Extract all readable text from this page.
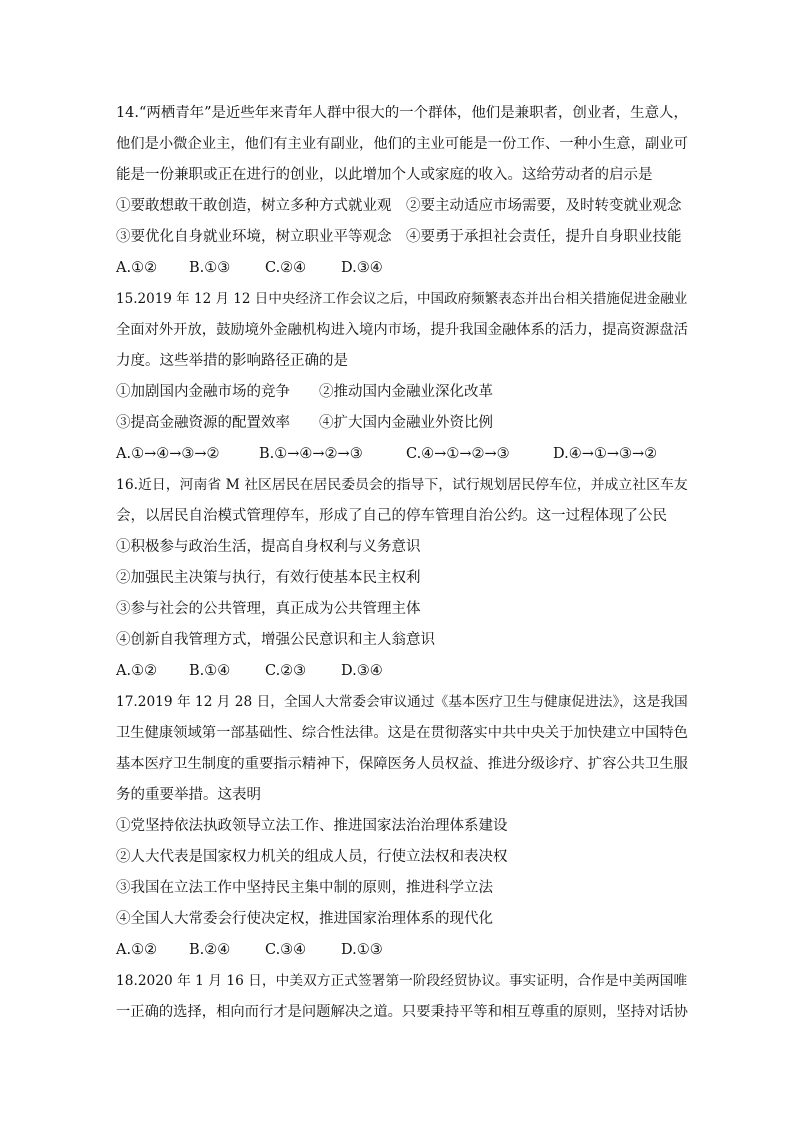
14.“两栖青年”是近些年来青年人群中很大的一个群体，他们是兼职者，创业者，生意人，
他们是小微企业主，他们有主业有副业，他们的主业可能是一份工作、一种小生意，副业可
能是一份兼职或正在进行的创业，以此增加个人或家庭的收入。这给劳动者的启示是
①要敢想敢干敢创造，树立多种方式就业观　②要主动适应市场需要，及时转变就业观念
③要优化自身就业环境，树立职业平等观念　④要勇于承担社会责任，提升自身职业技能
A.①② B.①③ C.②④ D.③④
15.2019 年 12 月 12 日中央经济工作会议之后，中国政府频繁表态并出台相关措施促进金融业
全面对外开放，鼓励境外金融机构进入境内市场，提升我国金融体系的活力，提高资源盘活
力度。这些举措的影响路径正确的是
①加剧国内金融市场的竞争　　②推动国内金融业深化改革
③提高金融资源的配置效率　　④扩大国内金融业外资比例
A.①→④→③→②	B.①→④→②→③	C.④→①→②→③	D.④→①→③→②
16.近日，河南省 M 社区居民在居民委员会的指导下，试行规划居民停车位，并成立社区车友
会，以居民自治模式管理停车，形成了自己的停车管理自治公约。这一过程体现了公民
①积极参与政治生活，提高自身权利与义务意识
②加强民主决策与执行，有效行使基本民主权利
③参与社会的公共管理，真正成为公共管理主体
④创新自我管理方式，增强公民意识和主人翁意识
A.①② B.①④ C.②③ D.③④
17.2019 年 12 月 28 日，全国人大常委会审议通过《基本医疗卫生与健康促进法》，这是我国
卫生健康领域第一部基础性、综合性法律。这是在贯彻落实中共中央关于加快建立中国特色
基本医疗卫生制度的重要指示精神下，保障医务人员权益、推进分级诊疗、扩容公共卫生服
务的重要举措。这表明
①党坚持依法执政领导立法工作、推进国家法治治理体系建设
②人大代表是国家权力机关的组成人员，行使立法权和表决权
③我国在立法工作中坚持民主集中制的原则，推进科学立法
④全国人大常委会行使决定权，推进国家治理体系的现代化
A.①② B.②④ C.③④ D.①③
18.2020 年 1 月 16 日，中美双方正式签署第一阶段经贸协议。事实证明，合作是中美两国唯
一正确的选择，相向而行才是问题解决之道。只要秉持平等和相互尊重的原则，坚持对话协
